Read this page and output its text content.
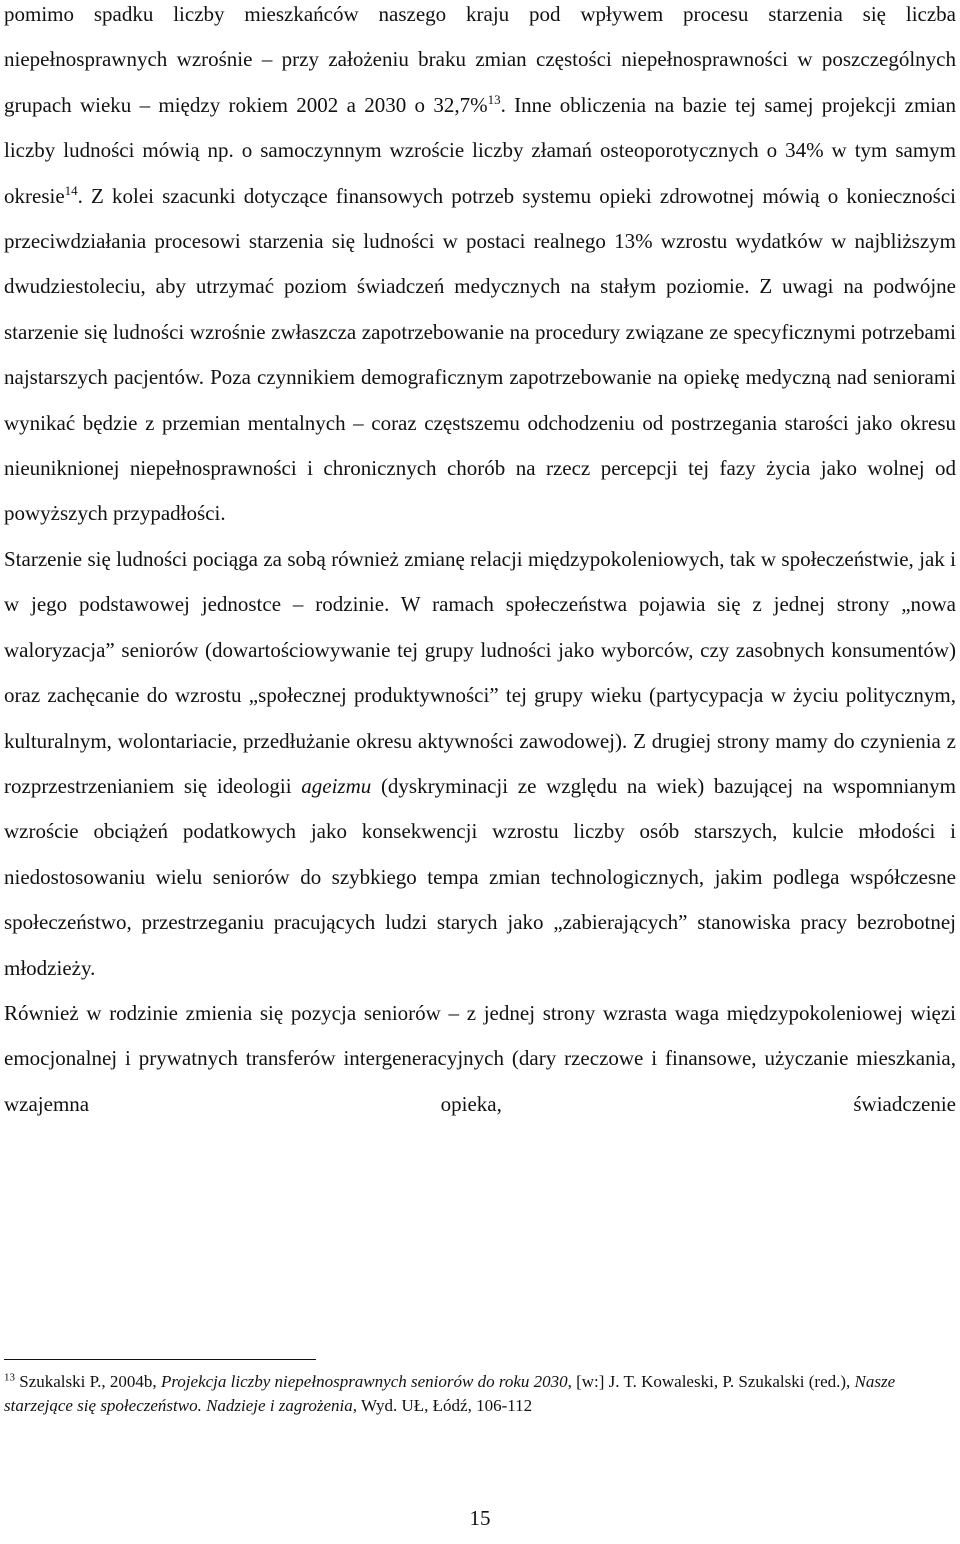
pomimo spadku liczby mieszkańców naszego kraju pod wpływem procesu starzenia się liczba niepełnosprawnych wzrośnie – przy założeniu braku zmian częstości niepełnosprawności w poszczególnych grupach wieku – między rokiem 2002 a 2030 o 32,7%$^{13}$. Inne obliczenia na bazie tej samej projekcji zmian liczby ludności mówią np. o samoczynnym wzroście liczby złamań osteoporotycznych o 34% w tym samym okresie$^{14}$. Z kolei szacunki dotyczące finansowych potrzeb systemu opieki zdrowotnej mówią o konieczności przeciwdziałania procesowi starzenia się ludności w postaci realnego 13% wzrostu wydatków w najbliższym dwudziestoleciu, aby utrzymać poziom świadczeń medycznych na stałym poziomie. Z uwagi na podwójne starzenie się ludności wzrośnie zwłaszcza zapotrzebowanie na procedury związane ze specyficznymi potrzebami najstarszych pacjentów. Poza czynnikiem demograficznym zapotrzebowanie na opiekę medyczną nad seniorami wynikać będzie z przemian mentalnych – coraz częstszemu odchodzeniu od postrzegania starości jako okresu nieuniknionej niepełnosprawności i chronicznych chorób na rzecz percepcji tej fazy życia jako wolnej od powyższych przypadłości.

Starzenie się ludności pociąga za sobą również zmianę relacji międzypokoleniowych, tak w społeczeństwie, jak i w jego podstawowej jednostce – rodzinie. W ramach społeczeństwa pojawia się z jednej strony „nowa waloryzacja” seniorów (dowartościowywanie tej grupy ludności jako wyborców, czy zasobnych konsumentów) oraz zachęcanie do wzrostu „społecznej produktywności” tej grupy wieku (partycypacja w życiu politycznym, kulturalnym, wolontariacie, przedłużanie okresu aktywności zawodowej). Z drugiej strony mamy do czynienia z rozprzestrzenianiem się ideologii ageizmu (dyskryminacji ze względu na wiek) bazującej na wspomnianym wzroście obciążeń podatkowych jako konsekwencji wzrostu liczby osób starszych, kulcie młodości i niedostosowaniu wielu seniorów do szybkiego tempa zmian technologicznych, jakim podlega współczesne społeczeństwo, przestrzeganiu pracujących ludzi starych jako „zabierających” stanowiska pracy bezrobotnej młodzieży.

Również w rodzinie zmienia się pozycja seniorów – z jednej strony wzrasta waga międzypokoleniowej więzi emocjonalnej i prywatnych transferów intergeneracyjnych (dary rzeczowe i finansowe, użyczanie mieszkania, wzajemna opieka, świadczenie

$^{13}$ Szukalski P., 2004b, Projekcja liczby niepełnosprawnych seniorów do roku 2030, [w:] J. T. Kowaleski, P. Szukalski (red.), Nasze starzejące się społeczeństwo. Nadzieje i zagrożenia, Wyd. UŁ, Łódź, 106-112

15
